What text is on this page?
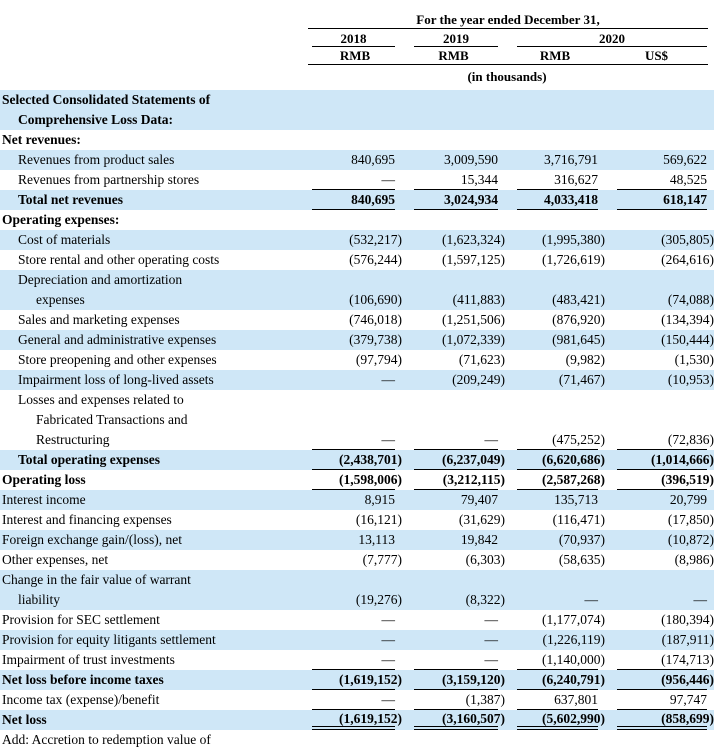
For the year ended December 31,
2018	2019	2020
RMB	RMB	RMB	US$
(in thousands)
Selected Consolidated Statements of
Comprehensive Loss Data:
Net revenues:
Revenues from product sales	840,695	3,009,590	3,716,791	569,622
Revenues from partnership stores	—	15,344	316,627	48,525
Total net revenues	840,695	3,024,934	4,033,418	618,147
Operating expenses:
Cost of materials	(532,217)	(1,623,324)	(1,995,380)	(305,805)
Store rental and other operating costs	(576,244)	(1,597,125)	(1,726,619)	(264,616)
Depreciation and amortization
expenses	(106,690)	(411,883)	(483,421)	(74,088)
Sales and marketing expenses	(746,018)	(1,251,506)	(876,920)	(134,394)
General and administrative expenses	(379,738)	(1,072,339)	(981,645)	(150,444)
Store preopening and other expenses	(97,794)	(71,623)	(9,982)	(1,530)
Impairment loss of long-lived assets	—	(209,249)	(71,467)	(10,953)
Losses and expenses related to
Fabricated Transactions and
Restructuring	—	—	(475,252)	(72,836)
Total operating expenses	(2,438,701)	(6,237,049)	(6,620,686)	(1,014,666)
Operating loss	(1,598,006)	(3,212,115)	(2,587,268)	(396,519)
Interest income	8,915	79,407	135,713	20,799
Interest and financing expenses	(16,121)	(31,629)	(116,471)	(17,850)
Foreign exchange gain/(loss), net	13,113	19,842	(70,937)	(10,872)
Other expenses, net	(7,777)	(6,303)	(58,635)	(8,986)
Change in the fair value of warrant
liability	(19,276)	(8,322)	—	—
Provision for SEC settlement	—	—	(1,177,074)	(180,394)
Provision for equity litigants settlement	—	—	(1,226,119)	(187,911)
Impairment of trust investments	—	—	(1,140,000)	(174,713)
Net loss before income taxes	(1,619,152)	(3,159,120)	(6,240,791)	(956,446)
Income tax (expense)/benefit	—	(1,387)	637,801	97,747
Net loss	(1,619,152)	(3,160,507)	(5,602,990)	(858,699)
Add: Accretion to redemption value of
